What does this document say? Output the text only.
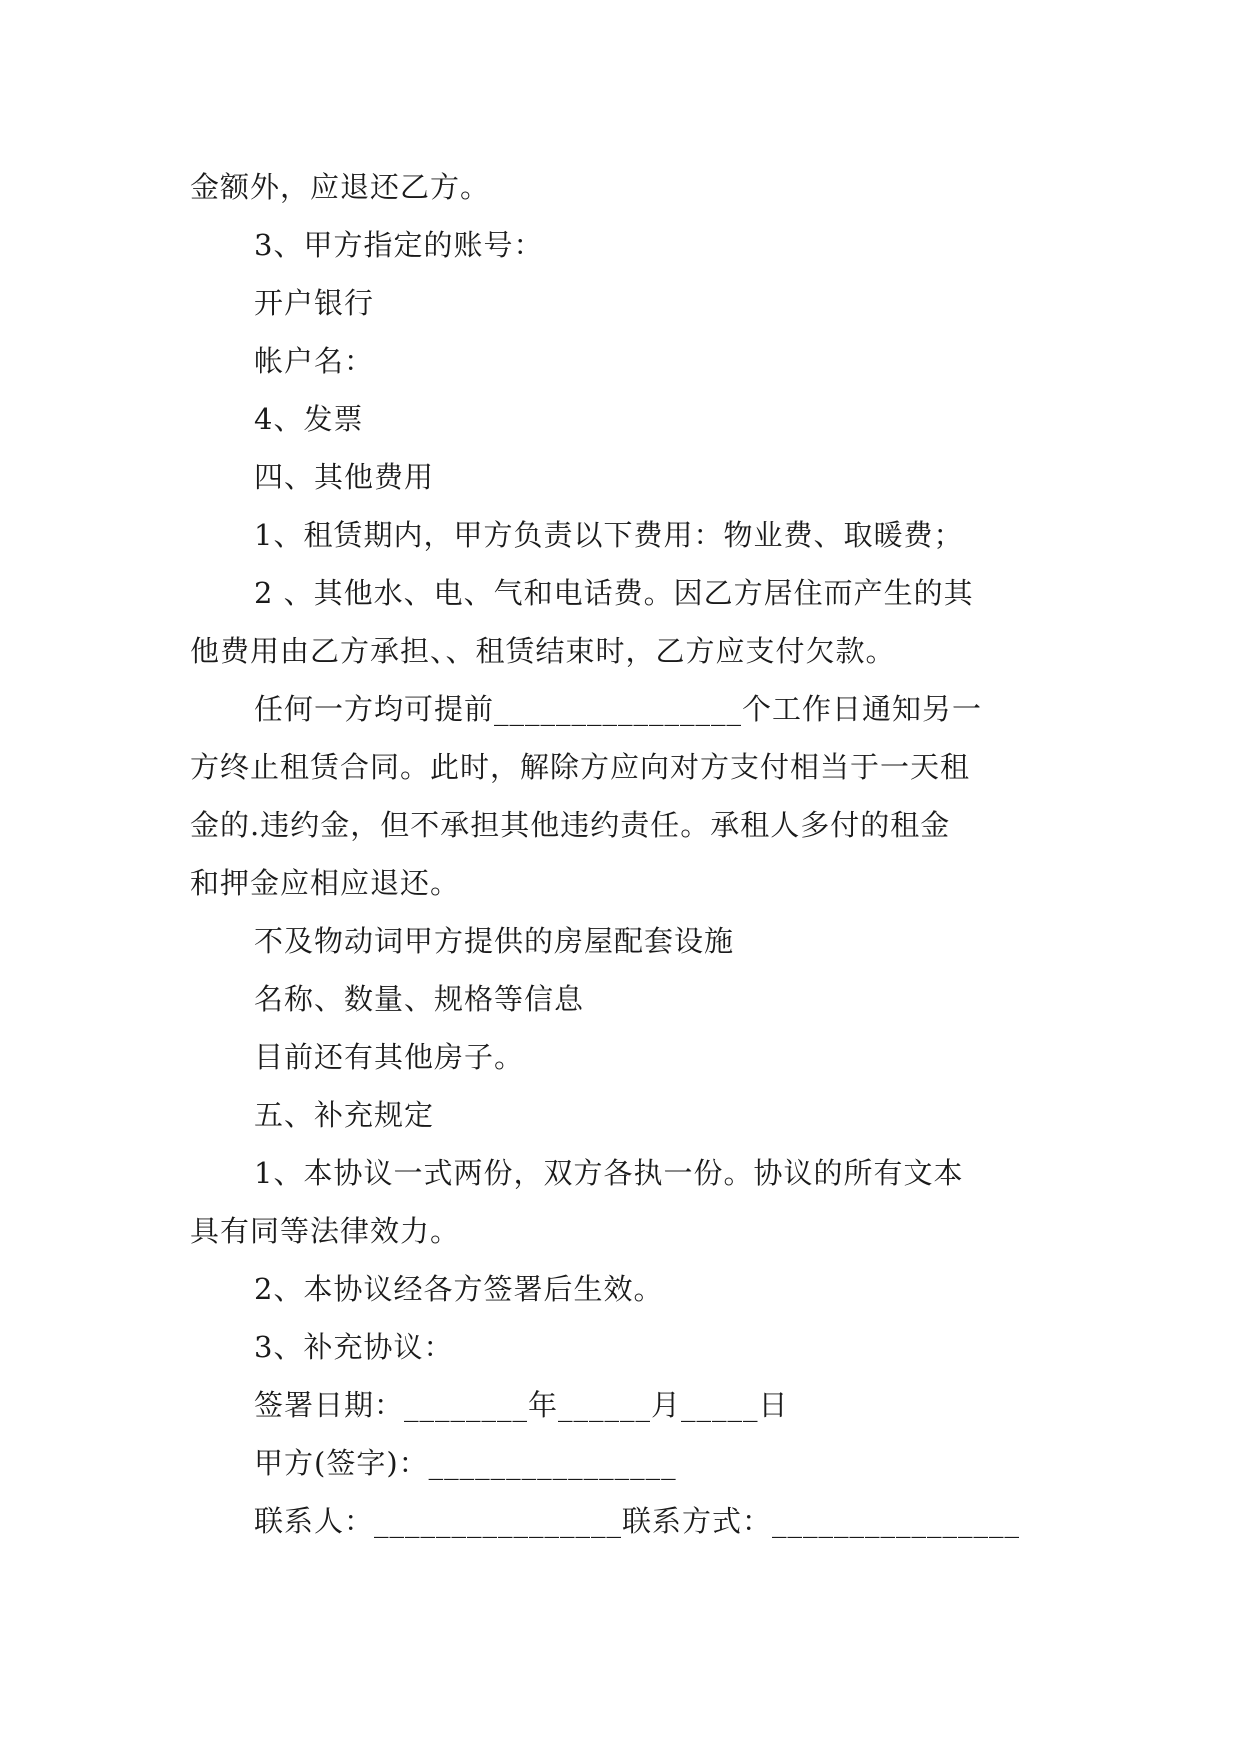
金额外，应退还乙方。
3、甲方指定的账号：
开户银行
帐户名：
4、发票
四、其他费用
1、租赁期内，甲方负责以下费用：物业费、取暖费；
2 、其他水、电、气和电话费。因乙方居住而产生的其
他费用由乙方承担、、租赁结束时，乙方应支付欠款。
任何一方均可提前________________个工作日通知另一
方终止租赁合同。此时，解除方应向对方支付相当于一天租
金的.违约金，但不承担其他违约责任。承租人多付的租金
和押金应相应退还。
不及物动词甲方提供的房屋配套设施
名称、数量、规格等信息
目前还有其他房子。
五、补充规定
1、本协议一式两份，双方各执一份。协议的所有文本
具有同等法律效力。
2、本协议经各方签署后生效。
3、补充协议：
签署日期：________年______月_____日
甲方(签字)：________________
联系人：________________联系方式：________________
